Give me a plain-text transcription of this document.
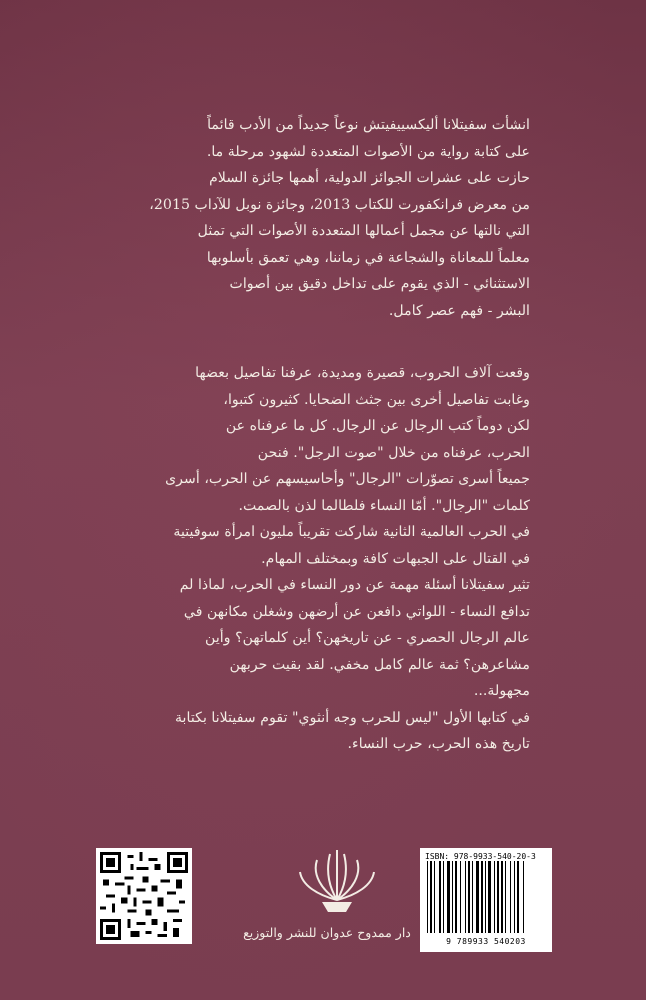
انشأت سفيتلانا أليكسييفيتش نوعاً جديداً من الأدب قائماً
على كتابة رواية من الأصوات المتعددة لشهود مرحلة ما.
حازت على عشرات الجوائز الدولية، أهمها جائزة السلام
من معرض فرانكفورت للكتاب 2013، وجائزة نوبل للآداب 2015،
التي نالتها عن مجمل أعمالها المتعددة الأصوات التي تمثل
معلماً للمعاناة والشجاعة في زماننا، وهي تعمق بأسلوبها
الاستثنائي - الذي يقوم على تداخل دقيق بين أصوات
البشر - فهم عصر كامل.
وقعت آلاف الحروب، قصيرة ومديدة، عرفنا تفاصيل بعضها
وغابت تفاصيل أخرى بين جثث الضحايا. كثيرون كتبوا،
لكن دوماً كتب الرجال عن الرجال. كل ما عرفناه عن
الحرب، عرفناه من خلال "صوت الرجل". فنحن
جميعاً أسرى تصوّرات "الرجال" وأحاسيسهم عن الحرب، أسرى
كلمات "الرجال". أمّا النساء فلطالما لذن بالصمت.
في الحرب العالمية الثانية شاركت تقريباً مليون امرأة سوفيتية
في القتال على الجبهات كافة وبمختلف المهام.
تثير سفيتلانا أسئلة مهمة عن دور النساء في الحرب، لماذا لم
تدافع النساء - اللواتي دافعن عن أرضهن وشغلن مكانهن في
عالم الرجال الحصري - عن تاريخهن؟ أين كلماتهن؟ وأين
مشاعرهن؟ ثمة عالم كامل مخفي. لقد بقيت حربهن
مجهولة...
في كتابها الأول "ليس للحرب وجه أنثوي" تقوم سفيتلانا بكتابة
تاريخ هذه الحرب، حرب النساء.
دار ممدوح عدوان للنشر والتوزيع
ISBN: 978-9933-540-20-3
9 789933 540203
